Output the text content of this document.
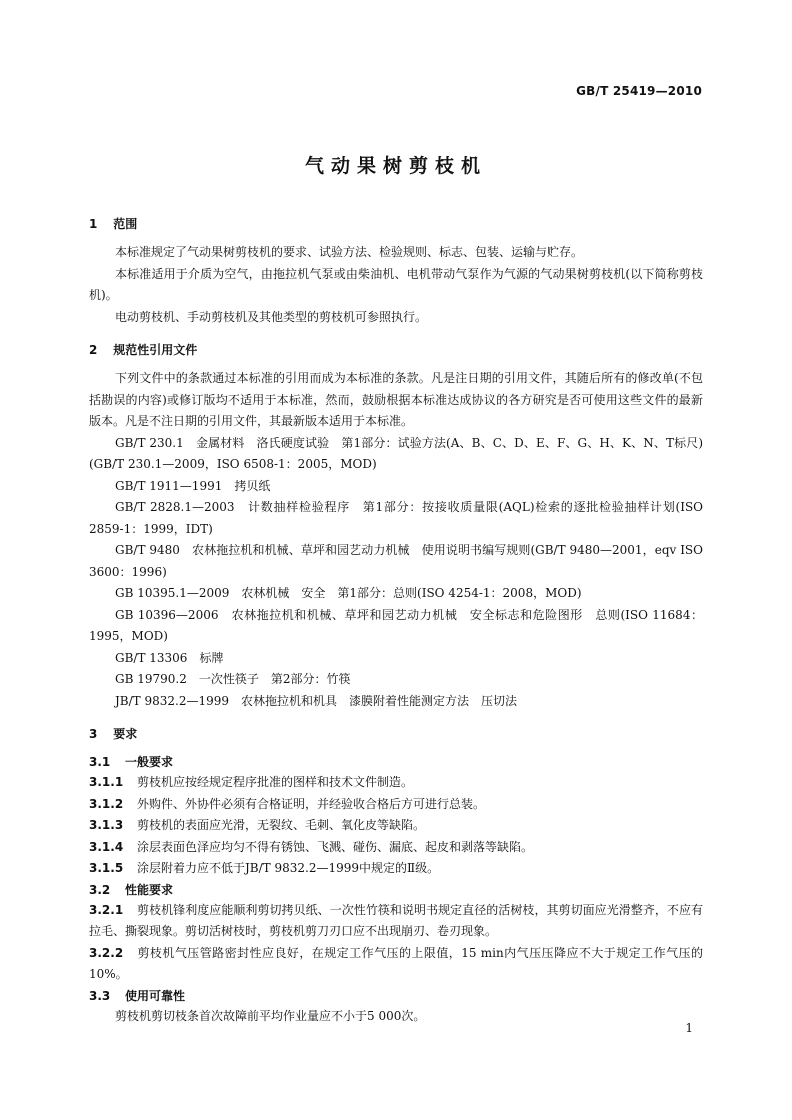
GB/T 25419—2010
气动果树剪枝机
1 范围

本标准规定了气动果树剪枝机的要求、试验方法、检验规则、标志、包装、运输与贮存。

本标准适用于介质为空气，由拖拉机气泵或由柴油机、电机带动气泵作为气源的气动果树剪枝机(以下简称剪枝机)。

电动剪枝机、手动剪枝机及其他类型的剪枝机可参照执行。

2 规范性引用文件

下列文件中的条款通过本标准的引用而成为本标准的条款。凡是注日期的引用文件，其随后所有的修改单(不包括勘误的内容)或修订版均不适用于本标准，然而，鼓励根据本标准达成协议的各方研究是否可使用这些文件的最新版本。凡是不注日期的引用文件，其最新版本适用于本标准。

GB/T 230.1　金属材料　洛氏硬度试验　第1部分：试验方法(A、B、C、D、E、F、G、H、K、N、T标尺)(GB/T 230.1—2009，ISO 6508-1：2005，MOD)

GB/T 1911—1991　拷贝纸

GB/T 2828.1—2003　计数抽样检验程序　第1部分：按接收质量限(AQL)检索的逐批检验抽样计划(ISO 2859-1：1999，IDT)

GB/T 9480　农林拖拉机和机械、草坪和园艺动力机械　使用说明书编写规则(GB/T 9480—2001，eqv ISO 3600：1996)

GB 10395.1—2009　农林机械　安全　第1部分：总则(ISO 4254-1：2008，MOD)

GB 10396—2006　农林拖拉机和机械、草坪和园艺动力机械　安全标志和危险图形　总则(ISO 11684：1995，MOD)

GB/T 13306　标牌

GB 19790.2　一次性筷子　第2部分：竹筷

JB/T 9832.2—1999　农林拖拉机和机具　漆膜附着性能测定方法　压切法

3 要求
3.1 一般要求

3.1.1 剪枝机应按经规定程序批准的图样和技术文件制造。

3.1.2 外购件、外协件必须有合格证明，并经验收合格后方可进行总装。

3.1.3 剪枝机的表面应光滑，无裂纹、毛刺、氧化皮等缺陷。

3.1.4 涂层表面色泽应均匀不得有锈蚀、飞溅、碰伤、漏底、起皮和剥落等缺陷。

3.1.5 涂层附着力应不低于JB/T 9832.2—1999中规定的Ⅱ级。

3.2 性能要求

3.2.1 剪枝机锋利度应能顺利剪切拷贝纸、一次性竹筷和说明书规定直径的活树枝，其剪切面应光滑整齐，不应有拉毛、撕裂现象。剪切活树枝时，剪枝机剪刀刃口应不出现崩刃、卷刃现象。

3.2.2 剪枝机气压管路密封性应良好，在规定工作气压的上限值，15 min内气压压降应不大于规定工作气压的10%。

3.3 使用可靠性

剪枝机剪切枝条首次故障前平均作业量应不小于5 000次。

1
